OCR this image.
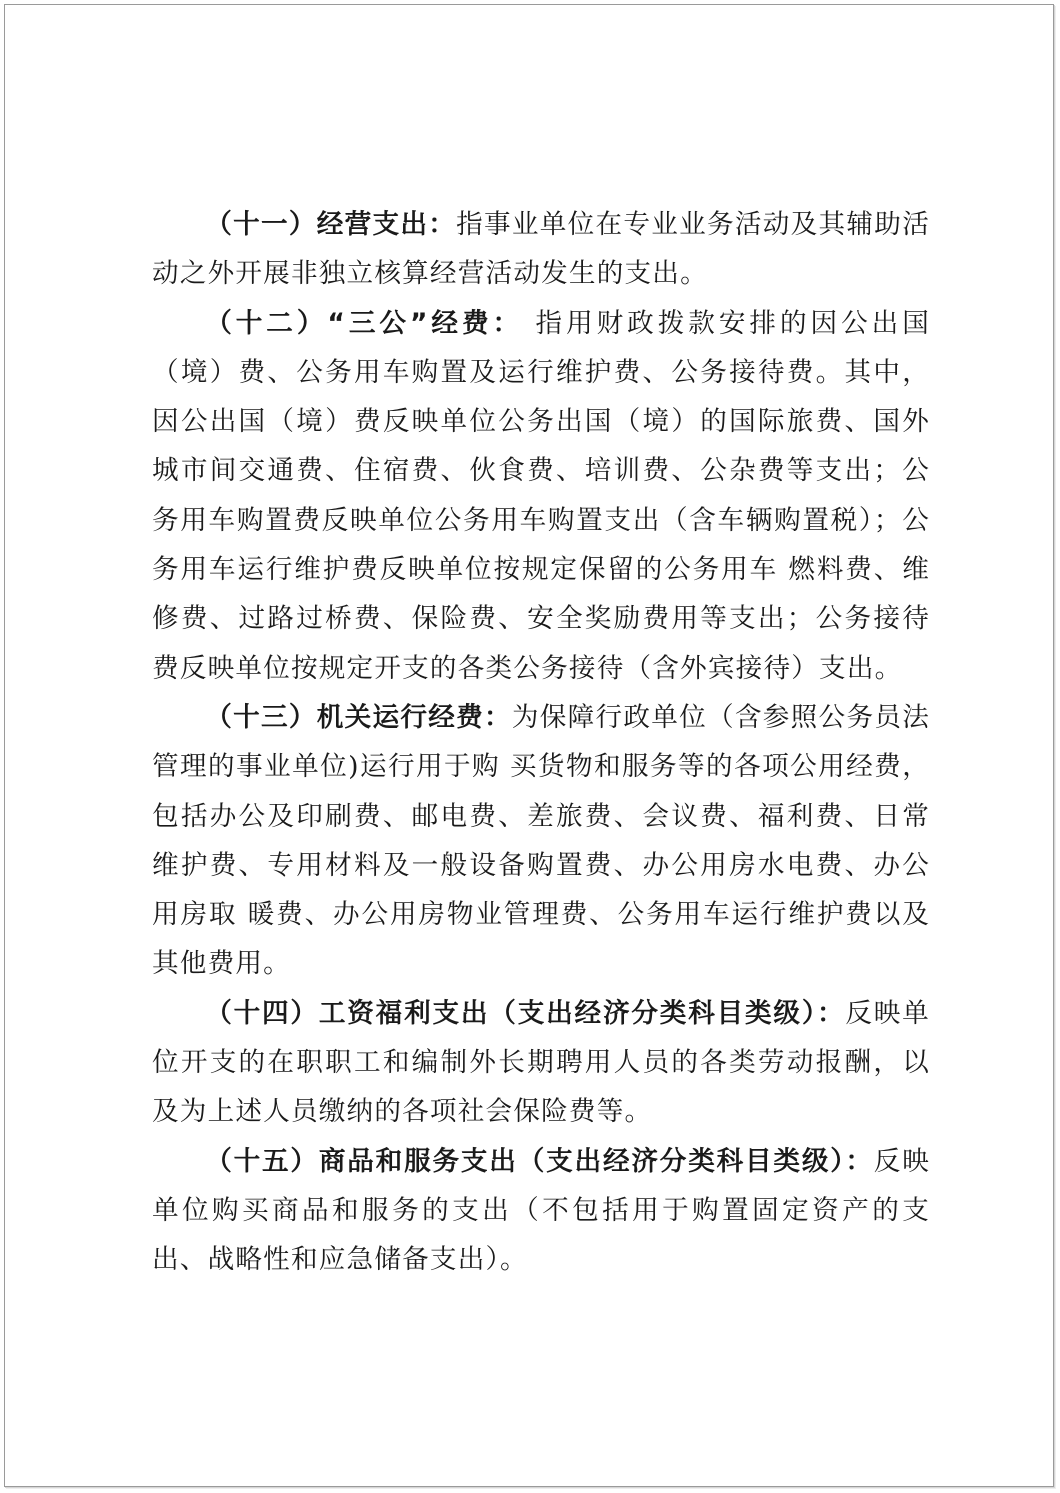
（十一）经营支出：指事业单位在专业业务活动及其辅助活动之外开展非独立核算经营活动发生的支出。

（十二）“三公”经费： 指用财政拨款安排的因公出国（境）费、公务用车购置及运行维护费、公务接待费。其中，因公出国（境）费反映单位公务出国（境）的国际旅费、国外城市间交通费、住宿费、伙食费、培训费、公杂费等支出；公务用车购置费反映单位公务用车购置支出（含车辆购置税）；公务用车运行维护费反映单位按规定保留的公务用车 燃料费、维修费、过路过桥费、保险费、安全奖励费用等支出；公务接待费反映单位按规定开支的各类公务接待（含外宾接待）支出。

（十三）机关运行经费：为保障行政单位（含参照公务员法管理的事业单位)运行用于购 买货物和服务等的各项公用经费，包括办公及印刷费、邮电费、差旅费、会议费、福利费、日常维护费、专用材料及一般设备购置费、办公用房水电费、办公用房取 暖费、办公用房物业管理费、公务用车运行维护费以及其他费用。

（十四）工资福利支出（支出经济分类科目类级）：反映单位开支的在职职工和编制外长期聘用人员的各类劳动报酬，以及为上述人员缴纳的各项社会保险费等。

（十五）商品和服务支出（支出经济分类科目类级）：反映单位购买商品和服务的支出（不包括用于购置固定资产的支出、战略性和应急储备支出）。
